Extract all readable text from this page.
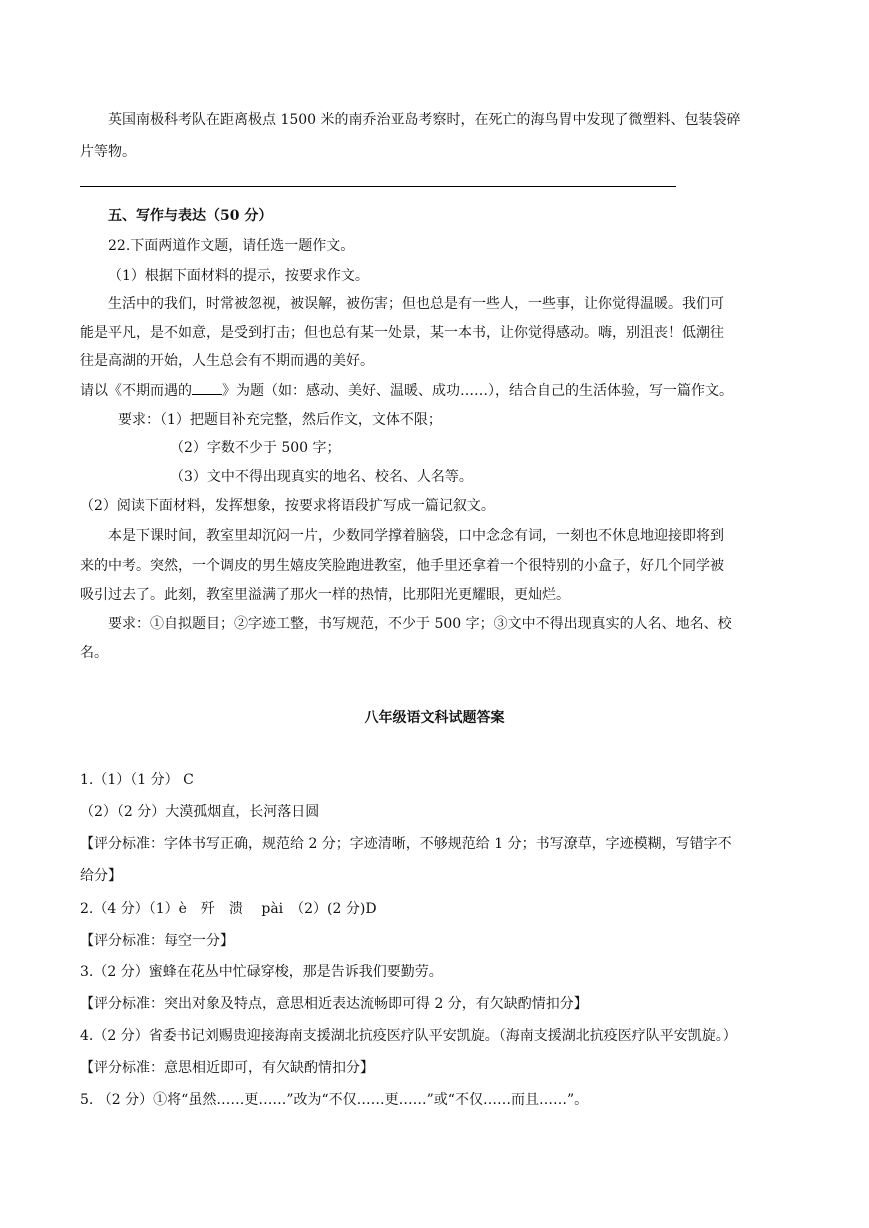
英国南极科考队在距离极点 1500 米的南乔治亚岛考察时，在死亡的海鸟胃中发现了微塑料、包装袋碎
片等物。
五、写作与表达（50 分）
22.下面两道作文题，请任选一题作文。
（1）根据下面材料的提示，按要求作文。
生活中的我们，时常被忽视，被误解，被伤害；但也总是有一些人，一些事，让你觉得温暖。我们可
能是平凡，是不如意，是受到打击；但也总有某一处景，某一本书，让你觉得感动。嗨，别沮丧！低潮往
往是高湖的开始，人生总会有不期而遇的美好。
请以《不期而遇的 》为题（如：感动、美好、温暖、成功……），结合自己的生活体验，写一篇作文。
要求：（1）把题目补充完整，然后作文，文体不限；
（2）字数不少于 500 字；
（3）文中不得出现真实的地名、校名、人名等。
（2）阅读下面材料，发挥想象，按要求将语段扩写成一篇记叙文。
本是下课时间，教室里却沉闷一片，少数同学撑着脑袋，口中念念有词，一刻也不休息地迎接即将到
来的中考。突然，一个调皮的男生嬉皮笑脸跑进教室，他手里还拿着一个很特别的小盒子，好几个同学被
吸引过去了。此刻，教室里溢满了那火一样的热情，比那阳光更耀眼，更灿烂。
要求：①自拟题目；②字迹工整，书写规范，不少于 500 字；③文中不得出现真实的人名、地名、校
名。
八年级语文科试题答案
1.（1）（1 分） C
（2）（2 分）大漠孤烟直，长河落日圆
【评分标准：字体书写正确，规范给 2 分；字迹清晰，不够规范给 1 分；书写潦草，字迹模糊，写错字不
给分】
2.（4 分）（1）è　歼　溃　 pài　（2）(2 分)D
【评分标准：每空一分】
3.（2 分）蜜蜂在花丛中忙碌穿梭，那是告诉我们要勤劳。
【评分标准：突出对象及特点，意思相近表达流畅即可得 2 分，有欠缺酌情扣分】
4.（2 分）省委书记刘赐贵迎接海南支援湖北抗疫医疗队平安凯旋。（海南支援湖北抗疫医疗队平安凯旋。）
【评分标准：意思相近即可，有欠缺酌情扣分】
5. （2 分）①将“虽然……更……”改为“不仅……更……”或“不仅……而且……”。
